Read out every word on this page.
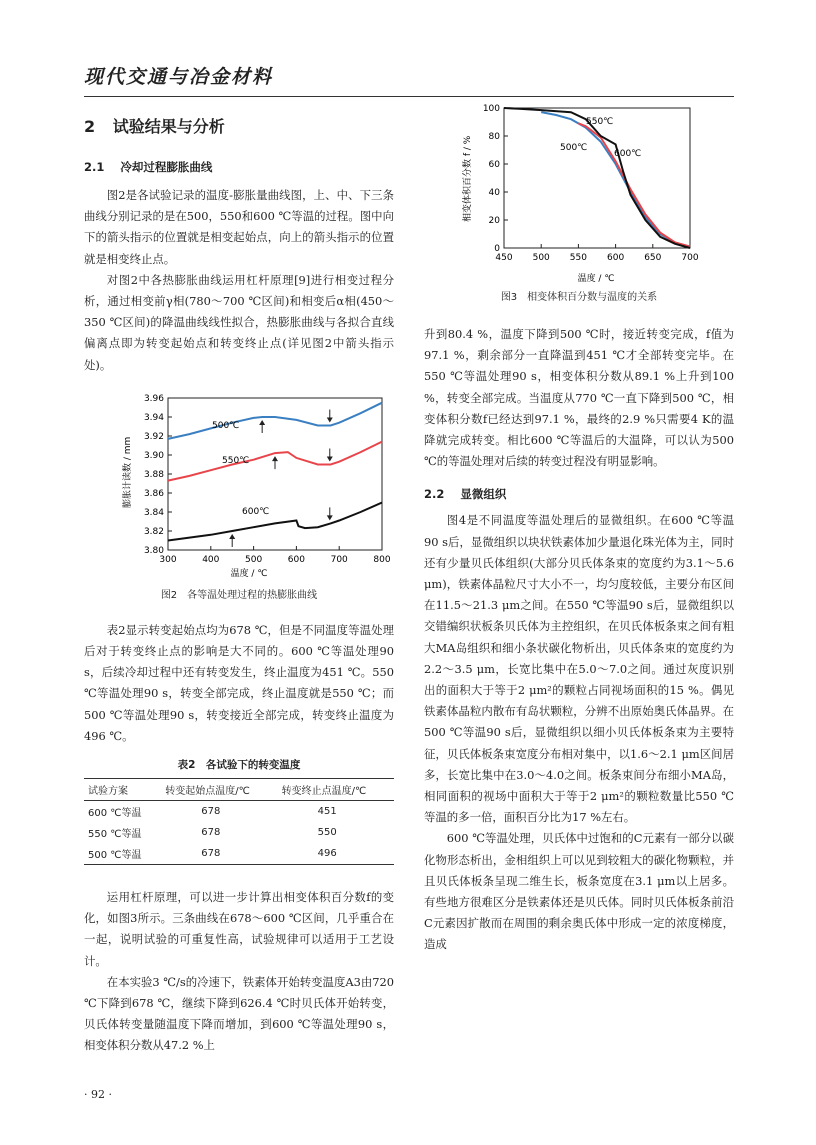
现代交通与冶金材料
2 试验结果与分析
2.1 冷却过程膨胀曲线

图2是各试验记录的温度-膨胀量曲线图，上、中、下三条曲线分别记录的是在500，550和600 ℃等温的过程。图中向下的箭头指示的位置就是相变起始点，向上的箭头指示的位置就是相变终止点。

对图2中各热膨胀曲线运用杠杆原理[9]进行相变过程分析，通过相变前γ相(780～700 ℃区间)和相变后α相(450～350 ℃区间)的降温曲线线性拟合，热膨胀曲线与各拟合直线偏离点即为转变起始点和转变终止点(详见图2中箭头指示处)。

3.96
3.94
3.92
3.90
3.88
3.86
3.84
3.82
3.80
300	400	500	600	700	800
500℃
550℃
600℃
膨胀计读数 / mm
温度 / ℃
图2　各等温处理过程的热膨胀曲线

表2显示转变起始点均为678 ℃，但是不同温度等温处理后对于转变终止点的影响是大不同的。600 ℃等温处理90 s，后续冷却过程中还有转变发生，终止温度为451 ℃。550 ℃等温处理90 s，转变全部完成，终止温度就是550 ℃；而500 ℃等温处理90 s，转变接近全部完成，转变终止温度为496 ℃。

表2　各试验下的转变温度
试验方案	转变起始点温度/℃	转变终止点温度/℃
600 ℃等温	678	451
550 ℃等温	678	550
500 ℃等温	678	496

运用杠杆原理，可以进一步计算出相变体积百分数f的变化，如图3所示。三条曲线在678～600 ℃区间，几乎重合在一起，说明试验的可重复性高，试验规律可以适用于工艺设计。

在本实验3 ℃/s的冷速下，铁素体开始转变温度A3由720 ℃下降到678 ℃，继续下降到626.4 ℃时贝氏体开始转变，贝氏体转变量随温度下降而增加，到600 ℃等温处理90 s，相变体积分数从47.2 %上

100
80
60
40
20
0
450 500 550 600 650 700
550℃
500℃
600℃
相变体积百分数 f / %
温度 / ℃
图3　相变体积百分数与温度的关系

升到80.4 %，温度下降到500 ℃时，接近转变完成，f值为97.1 %，剩余部分一直降温到451 ℃才全部转变完毕。在550 ℃等温处理90 s，相变体积分数从89.1 %上升到100 %，转变全部完成。当温度从770 ℃一直下降到500 ℃，相变体积分数f已经达到97.1 %，最终的2.9 %只需要4 K的温降就完成转变。相比600 ℃等温后的大温降，可以认为500 ℃的等温处理对后续的转变过程没有明显影响。

2.2 显微组织

图4是不同温度等温处理后的显微组织。在600 ℃等温90 s后，显微组织以块状铁素体加少量退化珠光体为主，同时还有少量贝氏体组织(大部分贝氏体条束的宽度约为3.1～5.6 μm)，铁素体晶粒尺寸大小不一，均匀度较低，主要分布区间在11.5～21.3 μm之间。在550 ℃等温90 s后，显微组织以交错编织状板条贝氏体为主控组织，在贝氏体板条束之间有粗大MA岛组织和细小条状碳化物析出，贝氏体条束的宽度约为2.2～3.5 μm，长宽比集中在5.0～7.0之间。通过灰度识别出的面积大于等于2 μm²的颗粒占同视场面积的15 %。偶见铁素体晶粒内散布有岛状颗粒，分辨不出原始奥氏体晶界。在500 ℃等温90 s后，显微组织以细小贝氏体板条束为主要特征，贝氏体板条束宽度分布相对集中，以1.6～2.1 μm区间居多，长宽比集中在3.0～4.0之间。板条束间分布细小MA岛，相同面积的视场中面积大于等于2 μm²的颗粒数量比550 ℃等温的多一倍，面积百分比为17 %左右。

600 ℃等温处理，贝氏体中过饱和的C元素有一部分以碳化物形态析出，金相组织上可以见到较粗大的碳化物颗粒，并且贝氏体板条呈现二维生长，板条宽度在3.1 μm以上居多。有些地方很难区分是铁素体还是贝氏体。同时贝氏体板条前沿C元素因扩散而在周围的剩余奥氏体中形成一定的浓度梯度，造成

· 92 ·
